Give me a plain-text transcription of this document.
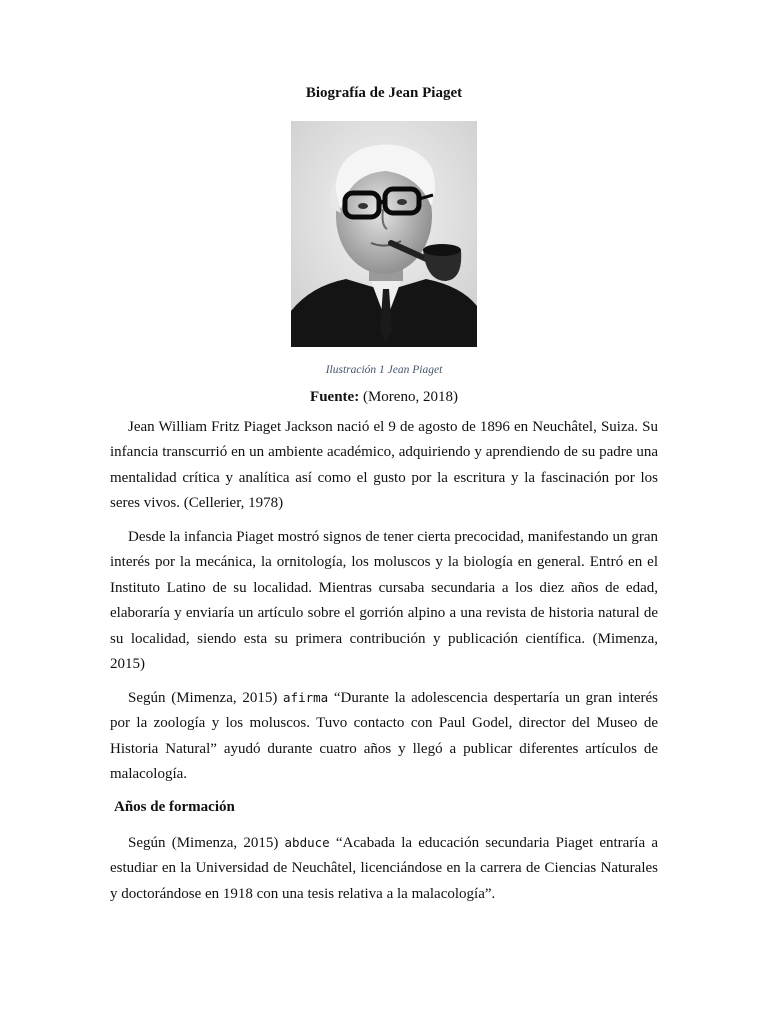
Biografía de Jean Piaget
Ilustración 1 Jean Piaget
Fuente: (Moreno, 2018)

Jean William Fritz Piaget Jackson nació el 9 de agosto de 1896 en Neuchâtel, Suiza. Su infancia transcurrió en un ambiente académico, adquiriendo y aprendiendo de su padre una mentalidad crítica y analítica así como el gusto por la escritura y la fascinación por los seres vivos. (Cellerier, 1978)

Desde la infancia Piaget mostró signos de tener cierta precocidad, manifestando un gran interés por la mecánica, la ornitología, los moluscos y la biología en general. Entró en el Instituto Latino de su localidad. Mientras cursaba secundaria a los diez años de edad, elaboraría y enviaría un artículo sobre el gorrión alpino a una revista de historia natural de su localidad, siendo esta su primera contribución y publicación científica. (Mimenza, 2015)

Según (Mimenza, 2015) afirma “Durante la adolescencia despertaría un gran interés por la zoología y los moluscos. Tuvo contacto con Paul Godel, director del Museo de Historia Natural” ayudó durante cuatro años y llegó a publicar diferentes artículos de malacología.

Años de formación

Según (Mimenza, 2015) abduce “Acabada la educación secundaria Piaget entraría a estudiar en la Universidad de Neuchâtel, licenciándose en la carrera de Ciencias Naturales y doctorándose en 1918 con una tesis relativa a la malacología”.
